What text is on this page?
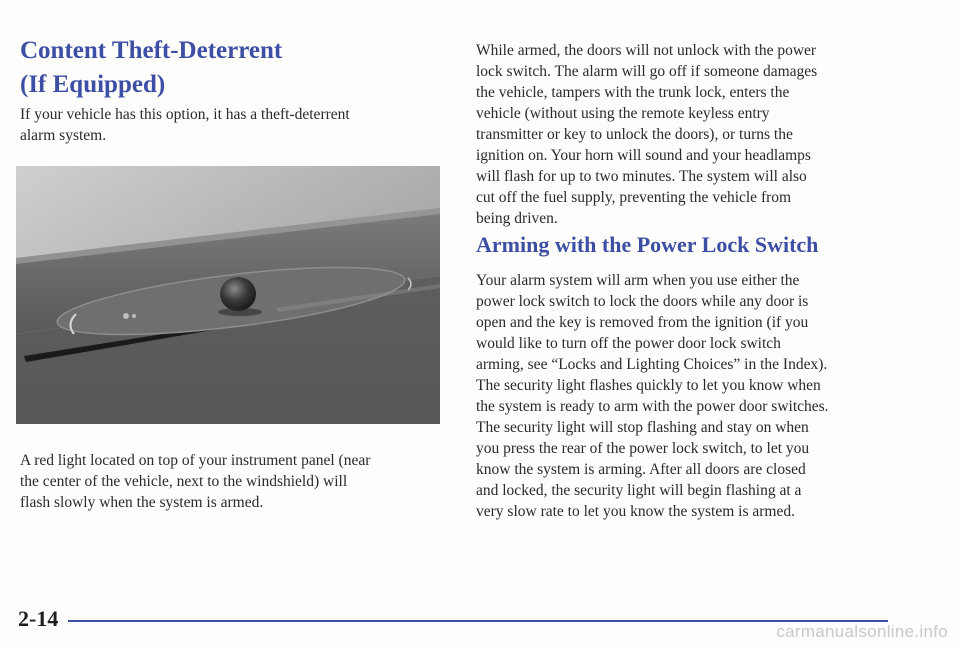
Content Theft-Deterrent
(If Equipped)

If your vehicle has this option, it has a theft-deterrent
alarm system.

A red light located on top of your instrument panel (near
the center of the vehicle, next to the windshield) will
flash slowly when the system is armed.

While armed, the doors will not unlock with the power
lock switch. The alarm will go off if someone damages
the vehicle, tampers with the trunk lock, enters the
vehicle (without using the remote keyless entry
transmitter or key to unlock the doors), or turns the
ignition on. Your horn will sound and your headlamps
will flash for up to two minutes. The system will also
cut off the fuel supply, preventing the vehicle from
being driven.

Arming with the Power Lock Switch

Your alarm system will arm when you use either the
power lock switch to lock the doors while any door is
open and the key is removed from the ignition (if you
would like to turn off the power door lock switch
arming, see “Locks and Lighting Choices” in the Index).
The security light flashes quickly to let you know when
the system is ready to arm with the power door switches.
The security light will stop flashing and stay on when
you press the rear of the power lock switch, to let you
know the system is arming. After all doors are closed
and locked, the security light will begin flashing at a
very slow rate to let you know the system is armed.

2-14
carmanualsonline.info
